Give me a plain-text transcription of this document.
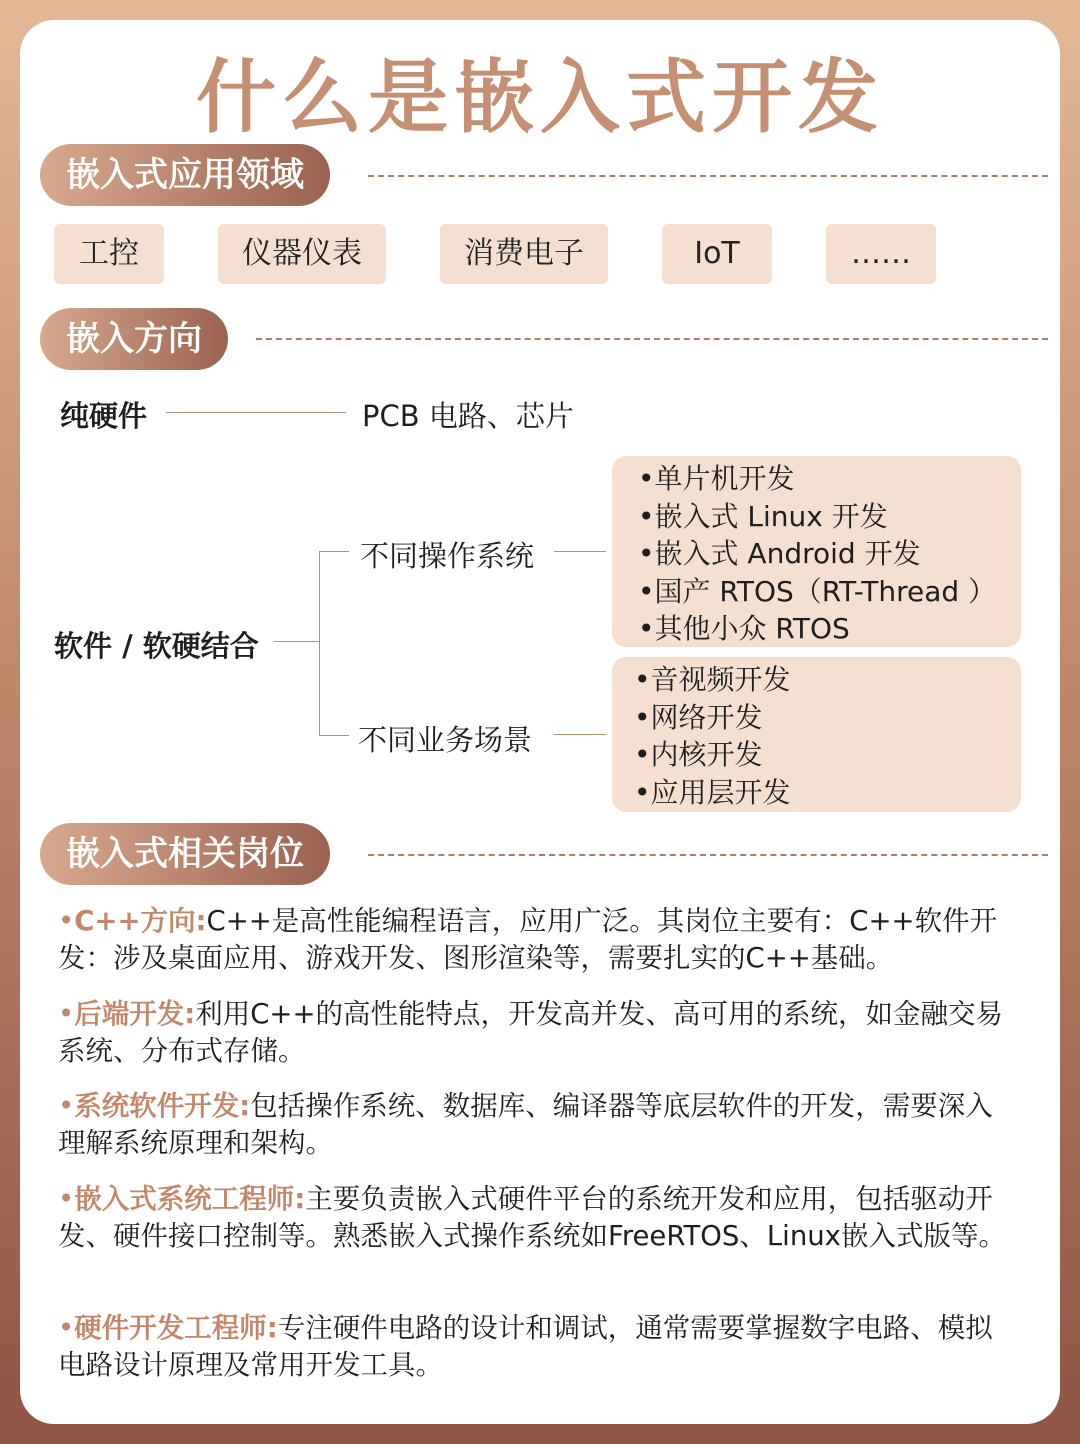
什么是嵌入式开发
嵌入式应用领域
工控	仪器仪表	消费电子	IoT	……
嵌入方向
纯硬件	PCB 电路、芯片
软件 / 软硬结合
不同操作系统
不同业务场景
•单片机开发
•嵌入式 Linux 开发
•嵌入式 Android 开发
•国产 RTOS（RT-Thread ）
•其他小众 RTOS
•音视频开发
•网络开发
•内核开发
•应用层开发
嵌入式相关岗位
•C++方向:C++是高性能编程语言，应用广泛。其岗位主要有：C++软件开发：涉及桌面应用、游戏开发、图形渲染等，需要扎实的C++基础。
•后端开发:利用C++的高性能特点，开发高并发、高可用的系统，如金融交易系统、分布式存储。
•系统软件开发:包括操作系统、数据库、编译器等底层软件的开发，需要深入理解系统原理和架构。
•嵌入式系统工程师:主要负责嵌入式硬件平台的系统开发和应用，包括驱动开发、硬件接口控制等。熟悉嵌入式操作系统如FreeRTOS、Linux嵌入式版等。
•硬件开发工程师:专注硬件电路的设计和调试，通常需要掌握数字电路、模拟电路设计原理及常用开发工具。
